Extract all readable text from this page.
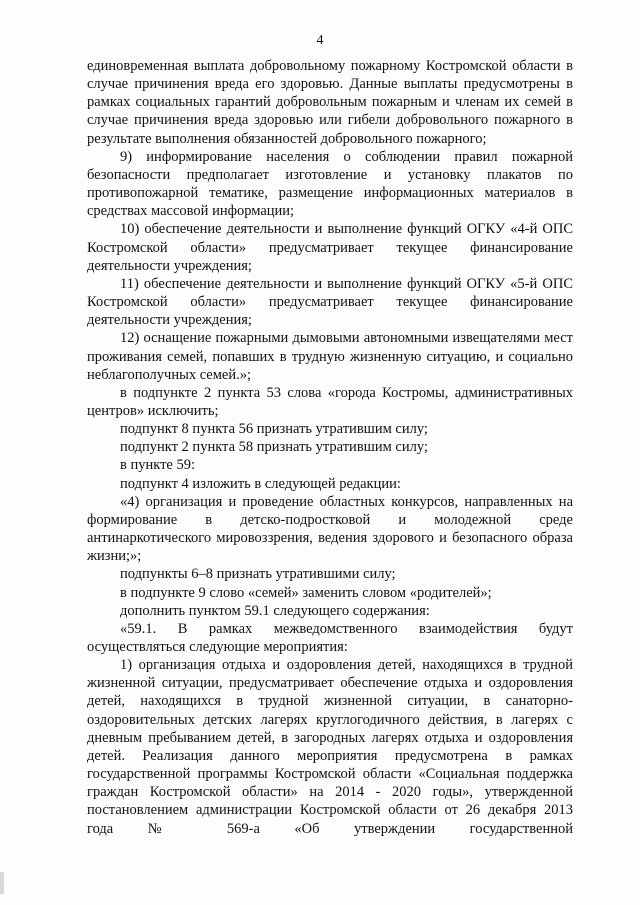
4

единовременная выплата добровольному пожарному Костромской области в случае причинения вреда его здоровью. Данные выплаты предусмотрены в рамках социальных гарантий добровольным пожарным и членам их семей в случае причинения вреда здоровью или гибели добровольного пожарного в результате выполнения обязанностей добровольного пожарного;

9) информирование населения о соблюдении правил пожарной безопасности предполагает изготовление и установку плакатов по противопожарной тематике, размещение информационных материалов в средствах массовой информации;

10) обеспечение деятельности и выполнение функций ОГКУ «4-й ОПС Костромской области» предусматривает текущее финансирование деятельности учреждения;

11) обеспечение деятельности и выполнение функций ОГКУ «5-й ОПС Костромской области» предусматривает текущее финансирование деятельности учреждения;

12) оснащение пожарными дымовыми автономными извещателями мест проживания семей, попавших в трудную жизненную ситуацию, и социально неблагополучных семей.»;

в подпункте 2 пункта 53 слова «города Костромы, административных центров» исключить;

подпункт 8 пункта 56 признать утратившим силу;

подпункт 2 пункта 58 признать утратившим силу;

в пункте 59:

подпункт 4 изложить в следующей редакции:

«4) организация и проведение областных конкурсов, направленных на формирование в детско-подростковой и молодежной среде антинаркотического мировоззрения, ведения здорового и безопасного образа жизни;»;

подпункты 6–8 признать утратившими силу;

в подпункте 9 слово «семей» заменить словом «родителей»;

дополнить пунктом 59.1 следующего содержания:

«59.1. В рамках межведомственного взаимодействия будут осуществляться следующие мероприятия:

1) организация отдыха и оздоровления детей, находящихся в трудной жизненной ситуации, предусматривает обеспечение отдыха и оздоровления детей, находящихся в трудной жизненной ситуации, в санаторно-оздоровительных детских лагерях круглогодичного действия, в лагерях с дневным пребыванием детей, в загородных лагерях отдыха и оздоровления детей. Реализация данного мероприятия предусмотрена в рамках государственной программы Костромской области «Социальная поддержка граждан Костромской области» на 2014 - 2020 годы», утвержденной постановлением администрации Костромской области от 26 декабря 2013 года № 569-а «Об утверждении государственной
